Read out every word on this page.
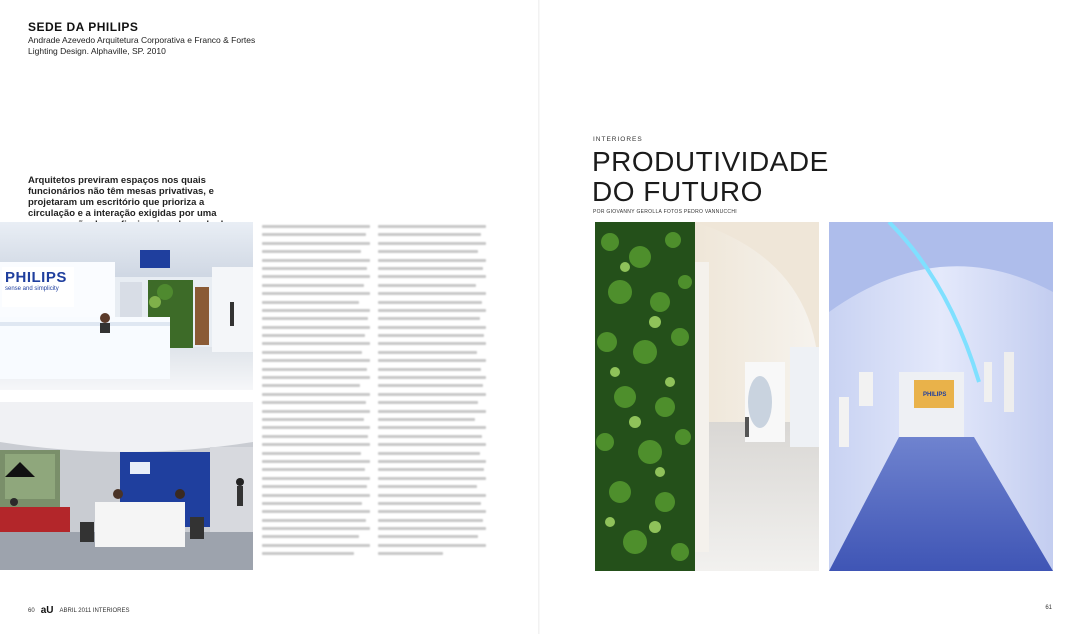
SEDE DA PHILIPS
Andrade Azevedo Arquitetura Corporativa e Franco & Fortes
Lighting Design. Alphaville, SP. 2010
Arquitetos previram espaços nos quais funcionários não têm mesas privativas, e projetaram um escritório que prioriza a circulação e a interação exigidas por uma
PHILIPS
sense and simplicity
60 aU ABRIL 2011 INTERIORES
INTERIORES
PRODUTIVIDADE
DO FUTURO
POR GIOVANNY GEROLLA FOTOS PEDRO VANNUCCHI
PHILIPS
61
